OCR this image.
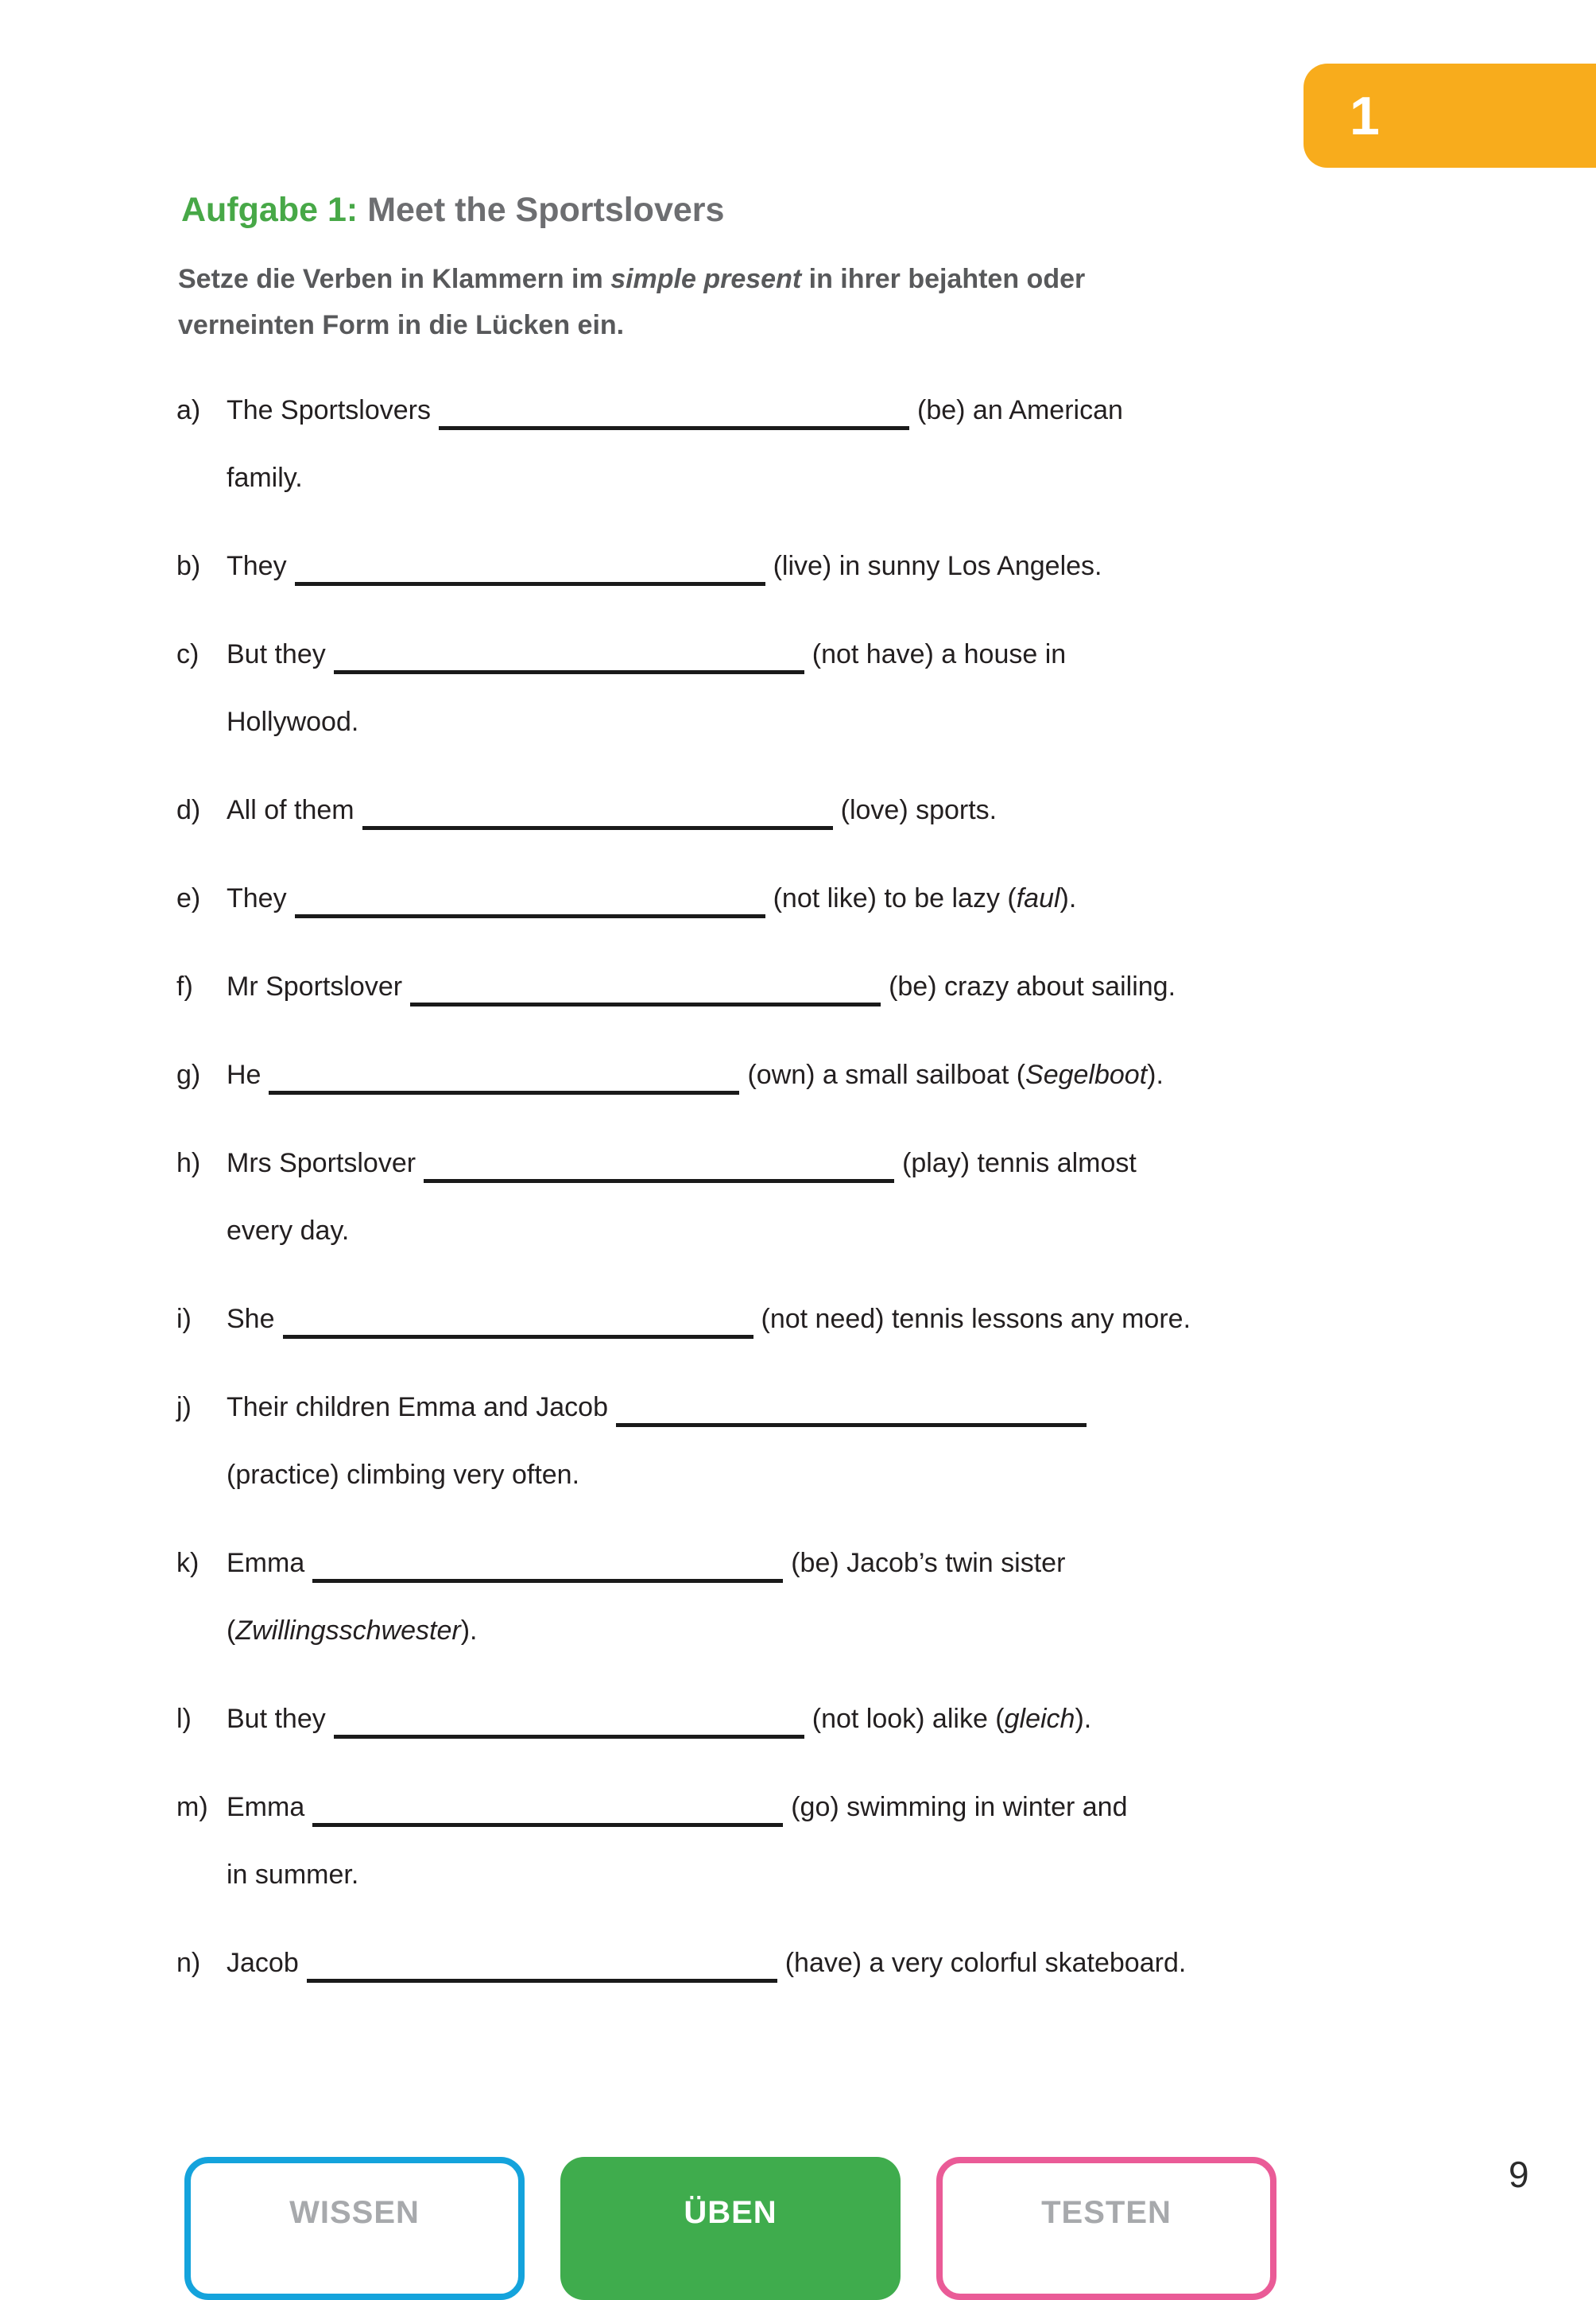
1
Aufgabe 1: Meet the Sportslovers
Setze die Verben in Klammern im simple present in ihrer bejahten oder
verneinten Form in die Lücken ein.
a) The Sportslovers	(be) an American
family.
b) They	(live) in sunny Los Angeles.
c)	But they	(not have) a house in
Hollywood.
d) All of them	(love) sports.
e) They	(not like) to be lazy (faul).
f)	Mr Sportslover	(be) crazy about sailing.
g) He	(own) a small sailboat (Segelboot).
h) Mrs Sportslover	(play) tennis almost
every day.
i)	She	(not need) tennis lessons any more.
j)	Their children Emma and Jacob
(practice) climbing very often.
k)	Emma	(be) Jacob’s twin sister
(Zwillingsschwester).
l)	But they	(not look) alike (gleich).
m) Emma	(go) swimming in winter and
in summer.
n) Jacob	(have) a very colorful skateboard.
WISSEN	ÜBEN	TESTEN
9
